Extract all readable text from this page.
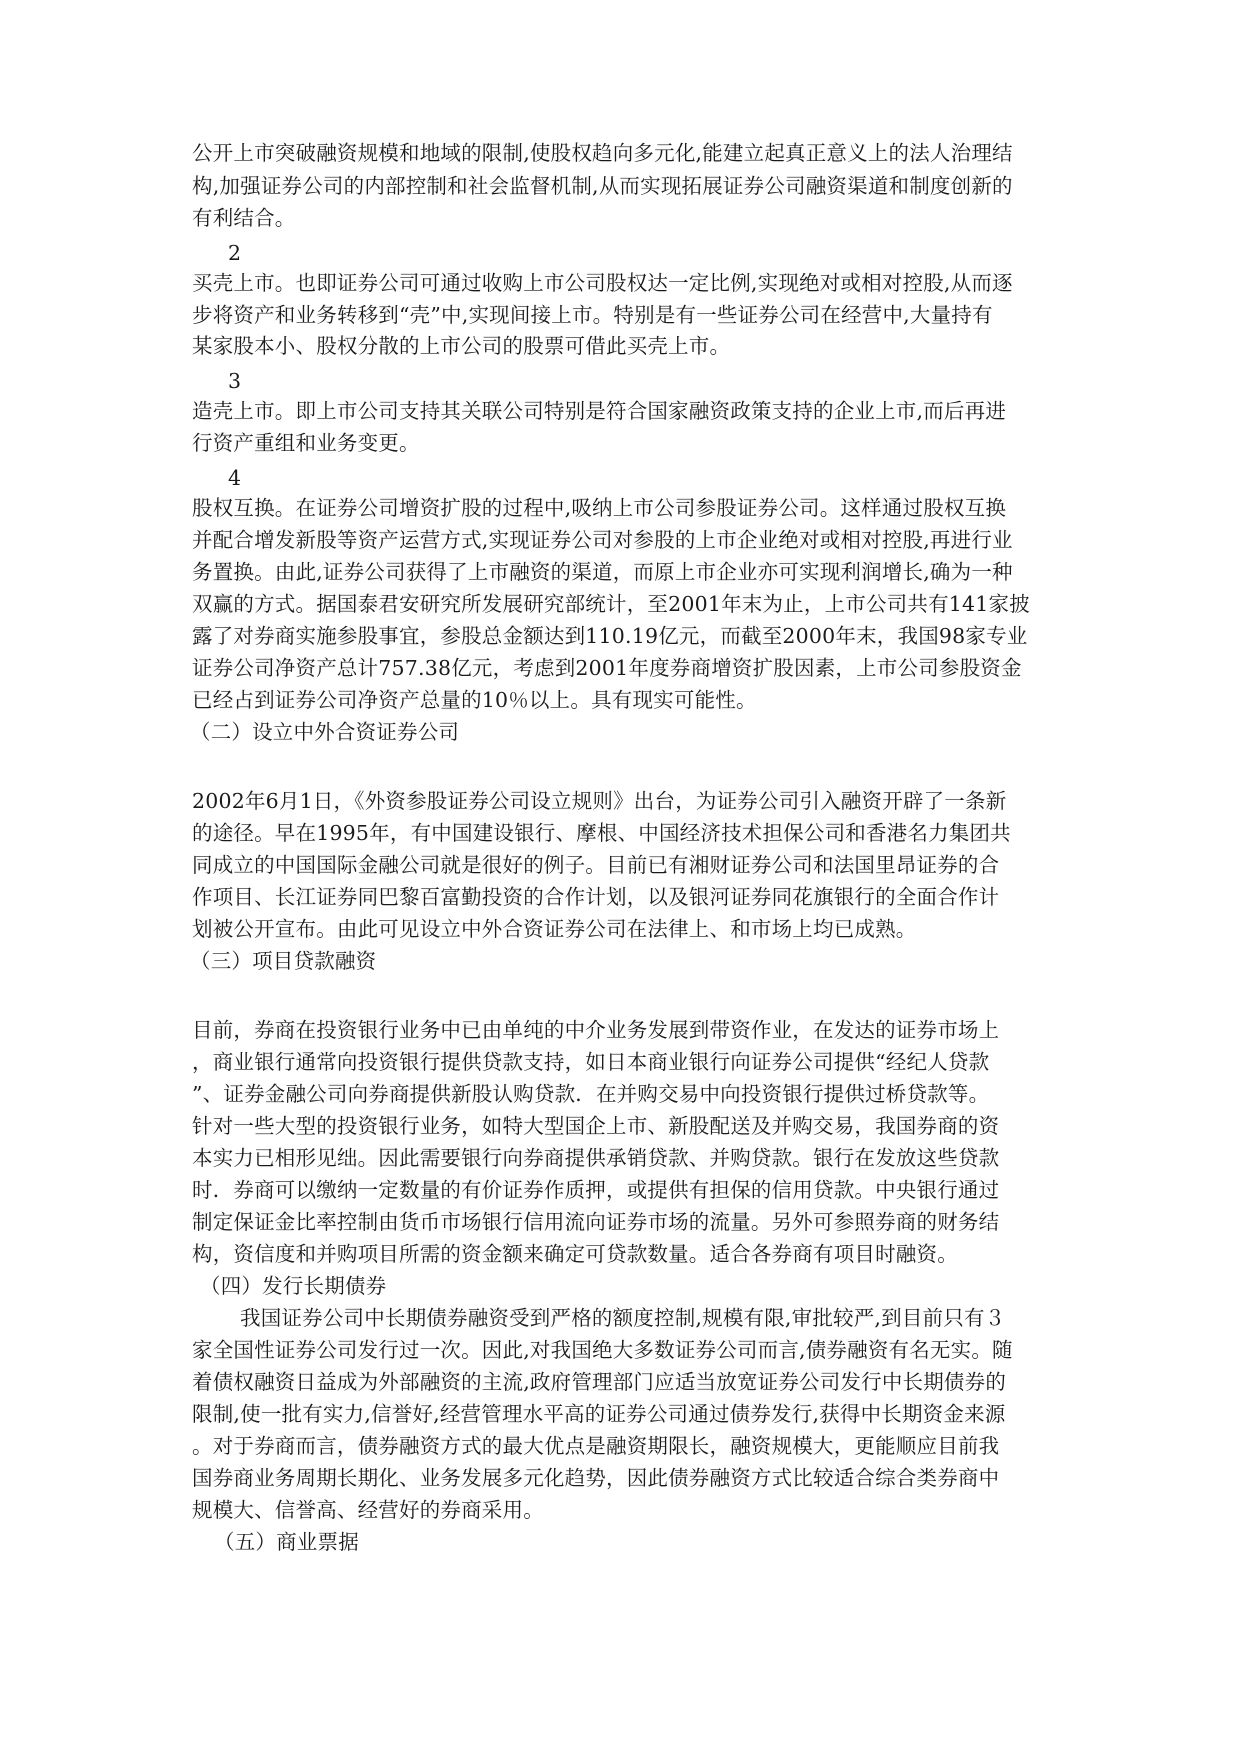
公开上市突破融资规模和地域的限制,使股权趋向多元化,能建立起真正意义上的法人治理结
构,加强证券公司的内部控制和社会监督机制,从而实现拓展证券公司融资渠道和制度创新的
有利结合。
2
买壳上市。也即证券公司可通过收购上市公司股权达一定比例,实现绝对或相对控股,从而逐
步将资产和业务转移到“壳”中,实现间接上市。特别是有一些证券公司在经营中,大量持有
某家股本小、股权分散的上市公司的股票可借此买壳上市。
3
造壳上市。即上市公司支持其关联公司特别是符合国家融资政策支持的企业上市,而后再进
行资产重组和业务变更。
4
股权互换。在证券公司增资扩股的过程中,吸纳上市公司参股证券公司。这样通过股权互换
并配合增发新股等资产运营方式,实现证券公司对参股的上市企业绝对或相对控股,再进行业
务置换。由此,证券公司获得了上市融资的渠道，而原上市企业亦可实现利润增长,确为一种
双赢的方式。据国泰君安研究所发展研究部统计，至2001年末为止，上市公司共有141家披
露了对券商实施参股事宜，参股总金额达到110.19亿元，而截至2000年末，我国98家专业
证券公司净资产总计757.38亿元，考虑到2001年度券商增资扩股因素，上市公司参股资金
已经占到证券公司净资产总量的10％以上。具有现实可能性。
（二）设立中外合资证券公司
2002年6月1日，《外资参股证券公司设立规则》出台，为证券公司引入融资开辟了一条新
的途径。早在1995年，有中国建设银行、摩根、中国经济技术担保公司和香港名力集团共
同成立的中国国际金融公司就是很好的例子。目前已有湘财证券公司和法国里昂证券的合
作项目、长江证券同巴黎百富勤投资的合作计划，以及银河证券同花旗银行的全面合作计
划被公开宣布。由此可见设立中外合资证券公司在法律上、和市场上均已成熟。
（三）项目贷款融资
目前，券商在投资银行业务中已由单纯的中介业务发展到带资作业，在发达的证券市场上
，商业银行通常向投资银行提供贷款支持，如日本商业银行向证券公司提供“经纪人贷款
”、证券金融公司向券商提供新股认购贷款．在并购交易中向投资银行提供过桥贷款等。
针对一些大型的投资银行业务，如特大型国企上市、新股配送及并购交易，我国券商的资
本实力已相形见绌。因此需要银行向券商提供承销贷款、并购贷款。银行在发放这些贷款
时．券商可以缴纳一定数量的有价证券作质押，或提供有担保的信用贷款。中央银行通过
制定保证金比率控制由货币市场银行信用流向证券市场的流量。另外可参照券商的财务结
构，资信度和并购项目所需的资金额来确定可贷款数量。适合各券商有项目时融资。
（四）发行长期债券
我国证券公司中长期债券融资受到严格的额度控制,规模有限,审批较严,到目前只有３
家全国性证券公司发行过一次。因此,对我国绝大多数证券公司而言,债券融资有名无实。随
着债权融资日益成为外部融资的主流,政府管理部门应适当放宽证券公司发行中长期债券的
限制,使一批有实力,信誉好,经营管理水平高的证券公司通过债券发行,获得中长期资金来源
。对于券商而言，债券融资方式的最大优点是融资期限长，融资规模大，更能顺应目前我
国券商业务周期长期化、业务发展多元化趋势，因此债券融资方式比较适合综合类券商中
规模大、信誉高、经营好的券商采用。
（五）商业票据
